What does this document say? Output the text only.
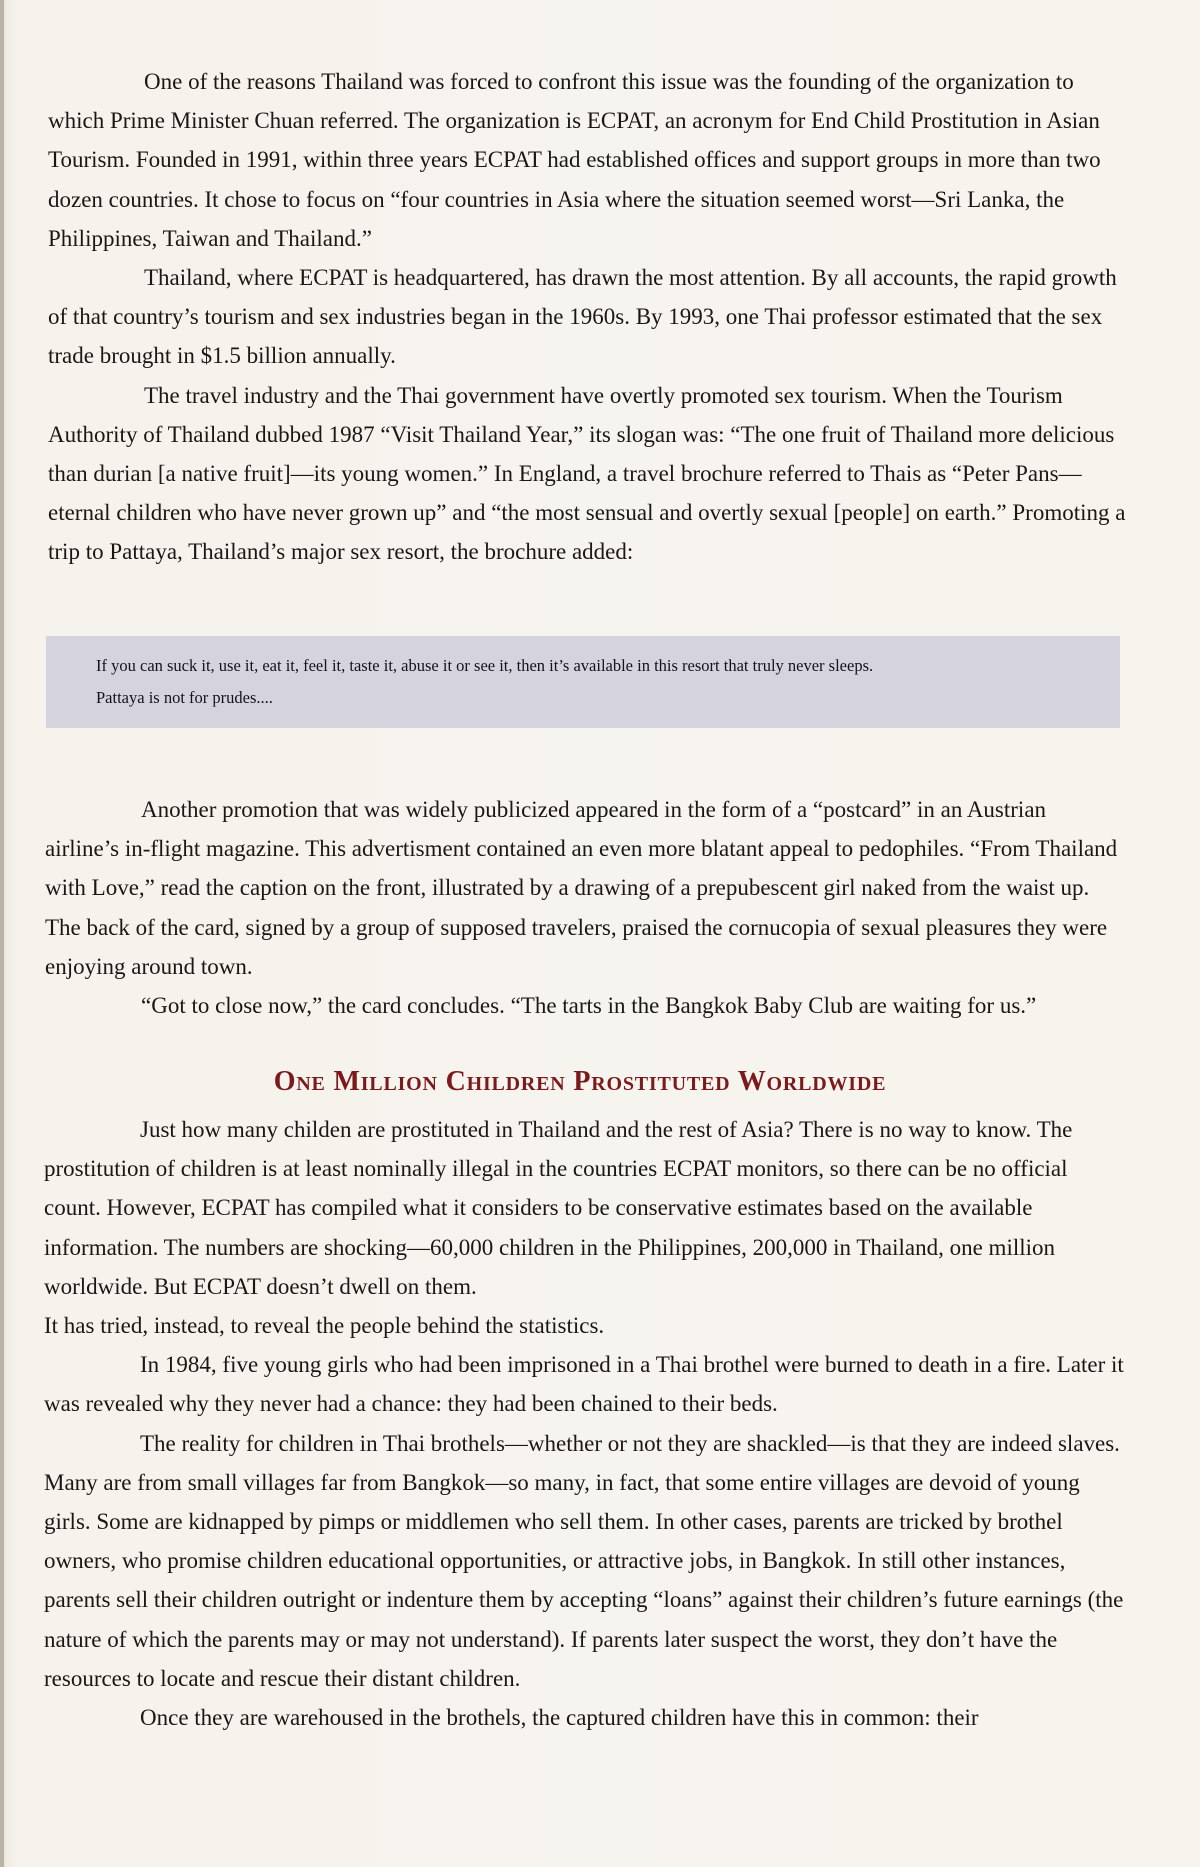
One of the reasons Thailand was forced to confront this issue was the founding of the organization to which Prime Minister Chuan referred. The organization is ECPAT, an acronym for End Child Prostitution in Asian Tourism. Founded in 1991, within three years ECPAT had established offices and support groups in more than two dozen countries. It chose to focus on “four countries in Asia where the situation seemed worst—Sri Lanka, the Philippines, Taiwan and Thailand.”

Thailand, where ECPAT is headquartered, has drawn the most attention. By all accounts, the rapid growth of that country’s tourism and sex industries began in the 1960s. By 1993, one Thai professor estimated that the sex trade brought in $1.5 billion annually.

The travel industry and the Thai government have overtly promoted sex tourism. When the Tourism Authority of Thailand dubbed 1987 “Visit Thailand Year,” its slogan was: “The one fruit of Thailand more delicious than durian [a native fruit]—its young women.” In England, a travel brochure referred to Thais as “Peter Pans—eternal children who have never grown up” and “the most sensual and overtly sexual [people] on earth.” Promoting a trip to Pattaya, Thailand’s major sex resort, the brochure added:

If you can suck it, use it, eat it, feel it, taste it, abuse it or see it, then it’s available in this resort that truly never sleeps.

Pattaya is not for prudes....

Another promotion that was widely publicized appeared in the form of a “postcard” in an Austrian airline’s in-flight magazine. This advertisment contained an even more blatant appeal to pedophiles. “From Thailand with Love,” read the caption on the front, illustrated by a drawing of a prepubescent girl naked from the waist up. The back of the card, signed by a group of supposed travelers, praised the cornucopia of sexual pleasures they were enjoying around town.

“Got to close now,” the card concludes. “The tarts in the Bangkok Baby Club are waiting for us.”

One Million Children Prostituted Worldwide

Just how many childen are prostituted in Thailand and the rest of Asia? There is no way to know. The prostitution of children is at least nominally illegal in the countries ECPAT monitors, so there can be no official count. However, ECPAT has compiled what it considers to be conservative estimates based on the available information. The numbers are shocking—60,000 children in the Philippines, 200,000 in Thailand, one million worldwide. But ECPAT doesn’t dwell on them.

It has tried, instead, to reveal the people behind the statistics.

In 1984, five young girls who had been imprisoned in a Thai brothel were burned to death in a fire. Later it was revealed why they never had a chance: they had been chained to their beds.

The reality for children in Thai brothels—whether or not they are shackled—is that they are indeed slaves. Many are from small villages far from Bangkok—so many, in fact, that some entire villages are devoid of young girls. Some are kidnapped by pimps or middlemen who sell them. In other cases, parents are tricked by brothel owners, who promise children educational opportunities, or attractive jobs, in Bangkok. In still other instances, parents sell their children outright or indenture them by accepting “loans” against their children’s future earnings (the nature of which the parents may or may not understand). If parents later suspect the worst, they don’t have the resources to locate and rescue their distant children.

Once they are warehoused in the brothels, the captured children have this in common: their
